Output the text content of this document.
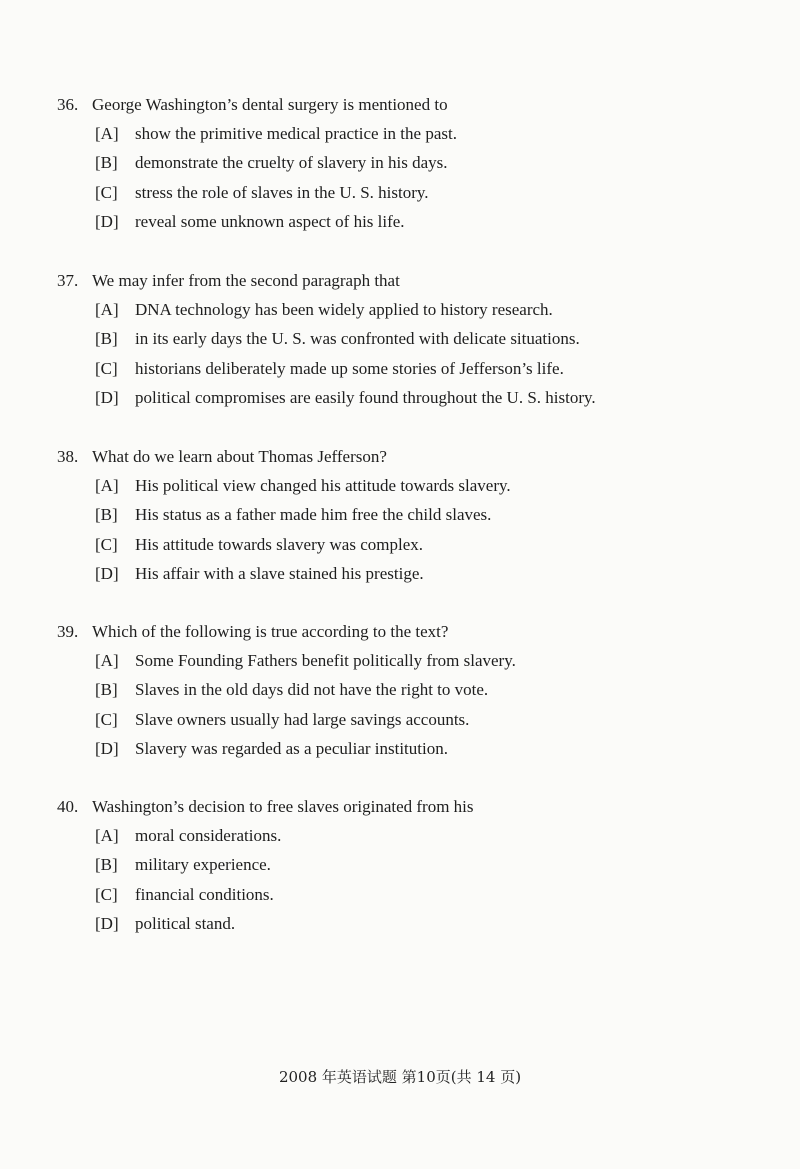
36. George Washington’s dental surgery is mentioned to
[A] show the primitive medical practice in the past.
[B] demonstrate the cruelty of slavery in his days.
[C] stress the role of slaves in the U. S. history.
[D] reveal some unknown aspect of his life.
37. We may infer from the second paragraph that
[A] DNA technology has been widely applied to history research.
[B] in its early days the U. S. was confronted with delicate situations.
[C] historians deliberately made up some stories of Jefferson’s life.
[D] political compromises are easily found throughout the U. S. history.
38. What do we learn about Thomas Jefferson?
[A] His political view changed his attitude towards slavery.
[B] His status as a father made him free the child slaves.
[C] His attitude towards slavery was complex.
[D] His affair with a slave stained his prestige.
39. Which of the following is true according to the text?
[A] Some Founding Fathers benefit politically from slavery.
[B] Slaves in the old days did not have the right to vote.
[C] Slave owners usually had large savings accounts.
[D] Slavery was regarded as a peculiar institution.
40. Washington’s decision to free slaves originated from his
[A] moral considerations.
[B] military experience.
[C] financial conditions.
[D] political stand.
2008 年英语试题 第10页(共 14 页)
